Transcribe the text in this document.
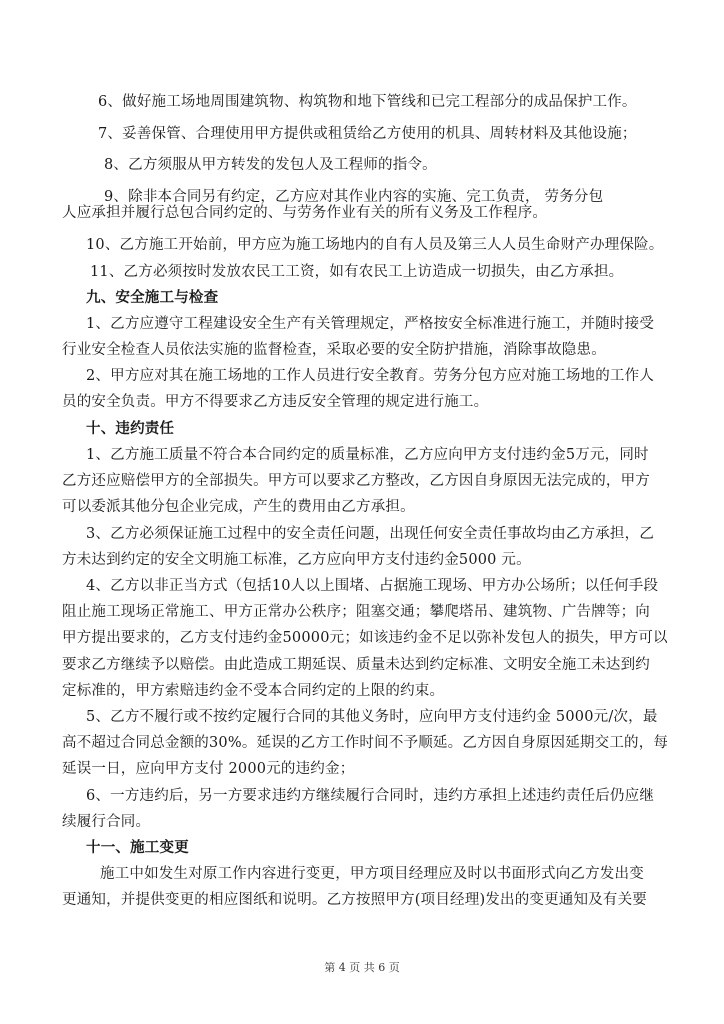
6、做好施工场地周围建筑物、构筑物和地下管线和已完工程部分的成品保护工作。
7、妥善保管、合理使用甲方提供或租赁给乙方使用的机具、周转材料及其他设施；
8、乙方须服从甲方转发的发包人及工程师的指令。
9、除非本合同另有约定，乙方应对其作业内容的实施、完工负责， 劳务分包
人应承担并履行总包合同约定的、与劳务作业有关的所有义务及工作程序。
10、乙方施工开始前，甲方应为施工场地内的自有人员及第三人人员生命财产办理保险。
11、乙方必须按时发放农民工工资，如有农民工上访造成一切损失，由乙方承担。
九、安全施工与检查
1、乙方应遵守工程建设安全生产有关管理规定，严格按安全标准进行施工，并随时接受
行业安全检查人员依法实施的监督检查，采取必要的安全防护措施，消除事故隐患。
2、甲方应对其在施工场地的工作人员进行安全教育。劳务分包方应对施工场地的工作人
员的安全负责。甲方不得要求乙方违反安全管理的规定进行施工。
十、违约责任
1、乙方施工质量不符合本合同约定的质量标准，乙方应向甲方支付违约金5万元，同时
乙方还应赔偿甲方的全部损失。甲方可以要求乙方整改，乙方因自身原因无法完成的，甲方
可以委派其他分包企业完成，产生的费用由乙方承担。
3、乙方必须保证施工过程中的安全责任问题，出现任何安全责任事故均由乙方承担，乙
方未达到约定的安全文明施工标准，乙方应向甲方支付违约金5000 元。
4、乙方以非正当方式（包括10人以上围堵、占据施工现场、甲方办公场所；以任何手段
阻止施工现场正常施工、甲方正常办公秩序；阻塞交通；攀爬塔吊、建筑物、广告牌等；向
甲方提出要求的，乙方支付违约金50000元；如该违约金不足以弥补发包人的损失，甲方可以
要求乙方继续予以赔偿。由此造成工期延误、质量未达到约定标准、文明安全施工未达到约
定标准的，甲方索赔违约金不受本合同约定的上限的约束。
5、乙方不履行或不按约定履行合同的其他义务时，应向甲方支付违约金 5000元/次，最
高不超过合同总金额的30%。延误的乙方工作时间不予顺延。乙方因自身原因延期交工的，每
延误一日，应向甲方支付 2000元的违约金；
6、一方违约后，另一方要求违约方继续履行合同时，违约方承担上述违约责任后仍应继
续履行合同。
十一、施工变更
施工中如发生对原工作内容进行变更，甲方项目经理应及时以书面形式向乙方发出变
更通知，并提供变更的相应图纸和说明。乙方按照甲方(项目经理)发出的变更通知及有关要
第 4 页 共 6 页
